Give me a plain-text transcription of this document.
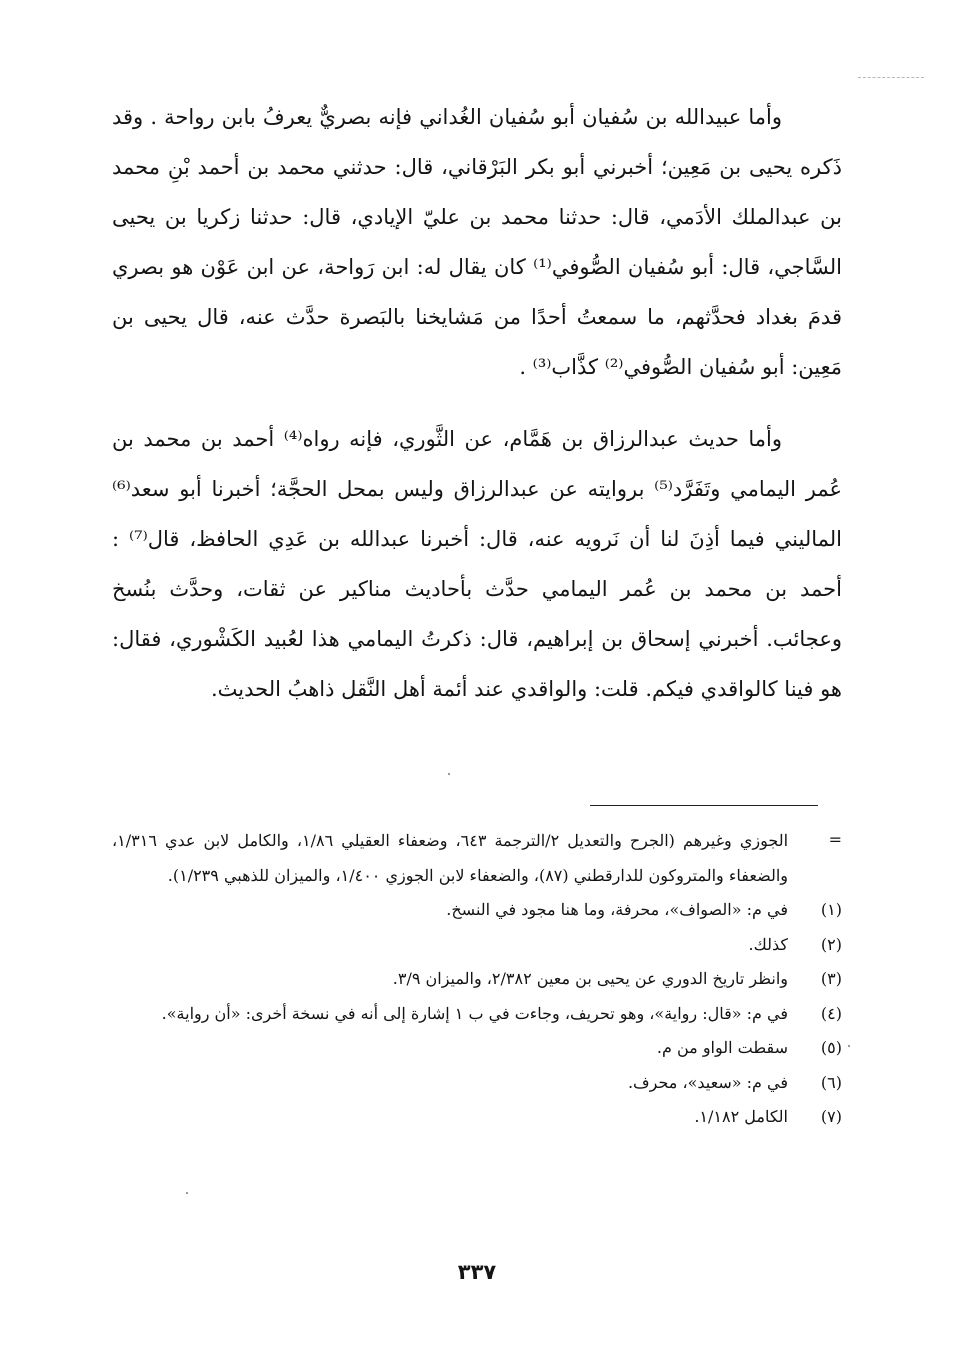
وأما عبيدالله بن سُفيان أبو سُفيان الغُداني فإنه بصريٌّ يعرفُ بابن رواحة . وقد ذَكره يحيى بن مَعِين؛ أخبرني أبو بكر البَرْقاني، قال: حدثني محمد بن أحمد بْنِ محمد بن عبدالملك الأدَمي، قال: حدثنا محمد بن عليّ الإيادي، قال: حدثنا زكريا بن يحيى السَّاجي، قال: أبو سُفيان الصُّوفي⁽¹⁾ كان يقال له: ابن رَواحة، عن ابن عَوْن هو بصري قدمَ بغداد فحدَّثهم، ما سمعتُ أحدًا من مَشايخنا بالبَصرة حدَّث عنه، قال يحيى بن مَعِين: أبو سُفيان الصُّوفي⁽²⁾ كذَّاب⁽³⁾ .

وأما حديث عبدالرزاق بن هَمَّام، عن الثَّوري، فإنه رواه⁽⁴⁾ أحمد بن محمد بن عُمر اليمامي وتَفَرَّد⁽⁵⁾ بروايته عن عبدالرزاق وليس بمحل الحجَّة؛ أخبرنا أبو سعد⁽⁶⁾ الماليني فيما أذِنَ لنا أن نَرويه عنه، قال: أخبرنا عبدالله بن عَدِي الحافظ، قال⁽⁷⁾ : أحمد بن محمد بن عُمر اليمامي حدَّث بأحاديث مناكير عن ثقات، وحدَّث بنُسخ وعجائب. أخبرني إسحاق بن إبراهيم، قال: ذكرتُ اليمامي هذا لعُبيد الكَشْوري، فقال: هو فينا كالواقدي فيكم. قلت: والواقدي عند أئمة أهل النَّقل ذاهبُ الحديث.

=
الجوزي وغيرهم (الجرح والتعديل ٢/الترجمة ٦٤٣، وضعفاء العقيلي ١/٨٦، والكامل لابن عدي ١/٣١٦، والضعفاء والمتروكون للدارقطني (٨٧)، والضعفاء لابن الجوزي ١/٤٠٠، والميزان للذهبي ١/٢٣٩).
(١)
في م: «الصواف»، محرفة، وما هنا مجود في النسخ.
(٢)
كذلك.
(٣)
وانظر تاريخ الدوري عن يحيى بن معين ٢/٣٨٢، والميزان ٣/٩.
(٤)
في م: «قال: رواية»، وهو تحريف، وجاءت في ب ١ إشارة إلى أنه في نسخة أخرى: «أن رواية».
(٥)
سقطت الواو من م.
(٦)
في م: «سعيد»، محرف.
(٧)
الكامل ١/١٨٢.
٣٣٧
